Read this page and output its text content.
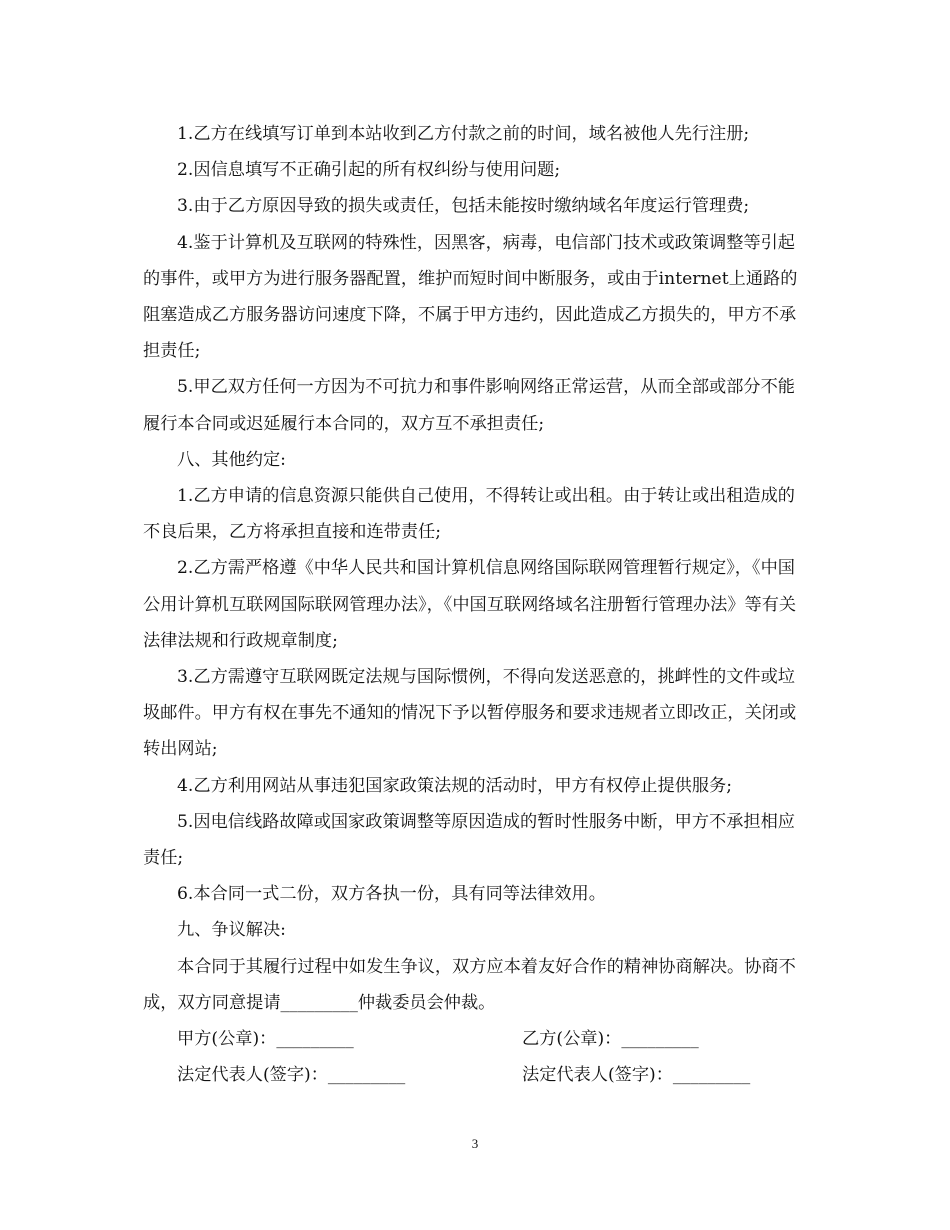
1.乙方在线填写订单到本站收到乙方付款之前的时间，域名被他人先行注册;

2.因信息填写不正确引起的所有权纠纷与使用问题;

3.由于乙方原因导致的损失或责任，包括未能按时缴纳域名年度运行管理费;

4.鉴于计算机及互联网的特殊性，因黑客，病毒，电信部门技术或政策调整等引起的事件，或甲方为进行服务器配置，维护而短时间中断服务，或由于internet上通路的阻塞造成乙方服务器访问速度下降，不属于甲方违约，因此造成乙方损失的，甲方不承担责任;

5.甲乙双方任何一方因为不可抗力和事件影响网络正常运营，从而全部或部分不能履行本合同或迟延履行本合同的，双方互不承担责任;

八、其他约定:

1.乙方申请的信息资源只能供自己使用，不得转让或出租。由于转让或出租造成的不良后果，乙方将承担直接和连带责任;

2.乙方需严格遵《中华人民共和国计算机信息网络国际联网管理暂行规定》，《中国公用计算机互联网国际联网管理办法》，《中国互联网络域名注册暂行管理办法》等有关法律法规和行政规章制度;

3.乙方需遵守互联网既定法规与国际惯例，不得向发送恶意的，挑衅性的文件或垃圾邮件。甲方有权在事先不通知的情况下予以暂停服务和要求违规者立即改正，关闭或转出网站;

4.乙方利用网站从事违犯国家政策法规的活动时，甲方有权停止提供服务;

5.因电信线路故障或国家政策调整等原因造成的暂时性服务中断，甲方不承担相应责任;

6.本合同一式二份，双方各执一份，具有同等法律效用。

九、争议解决:

本合同于其履行过程中如发生争议，双方应本着友好合作的精神协商解决。协商不成，双方同意提请_________仲裁委员会仲裁。

甲方(公章)：_________	乙方(公章)：_________
法定代表人(签字)：_________	法定代表人(签字)：_________
3
